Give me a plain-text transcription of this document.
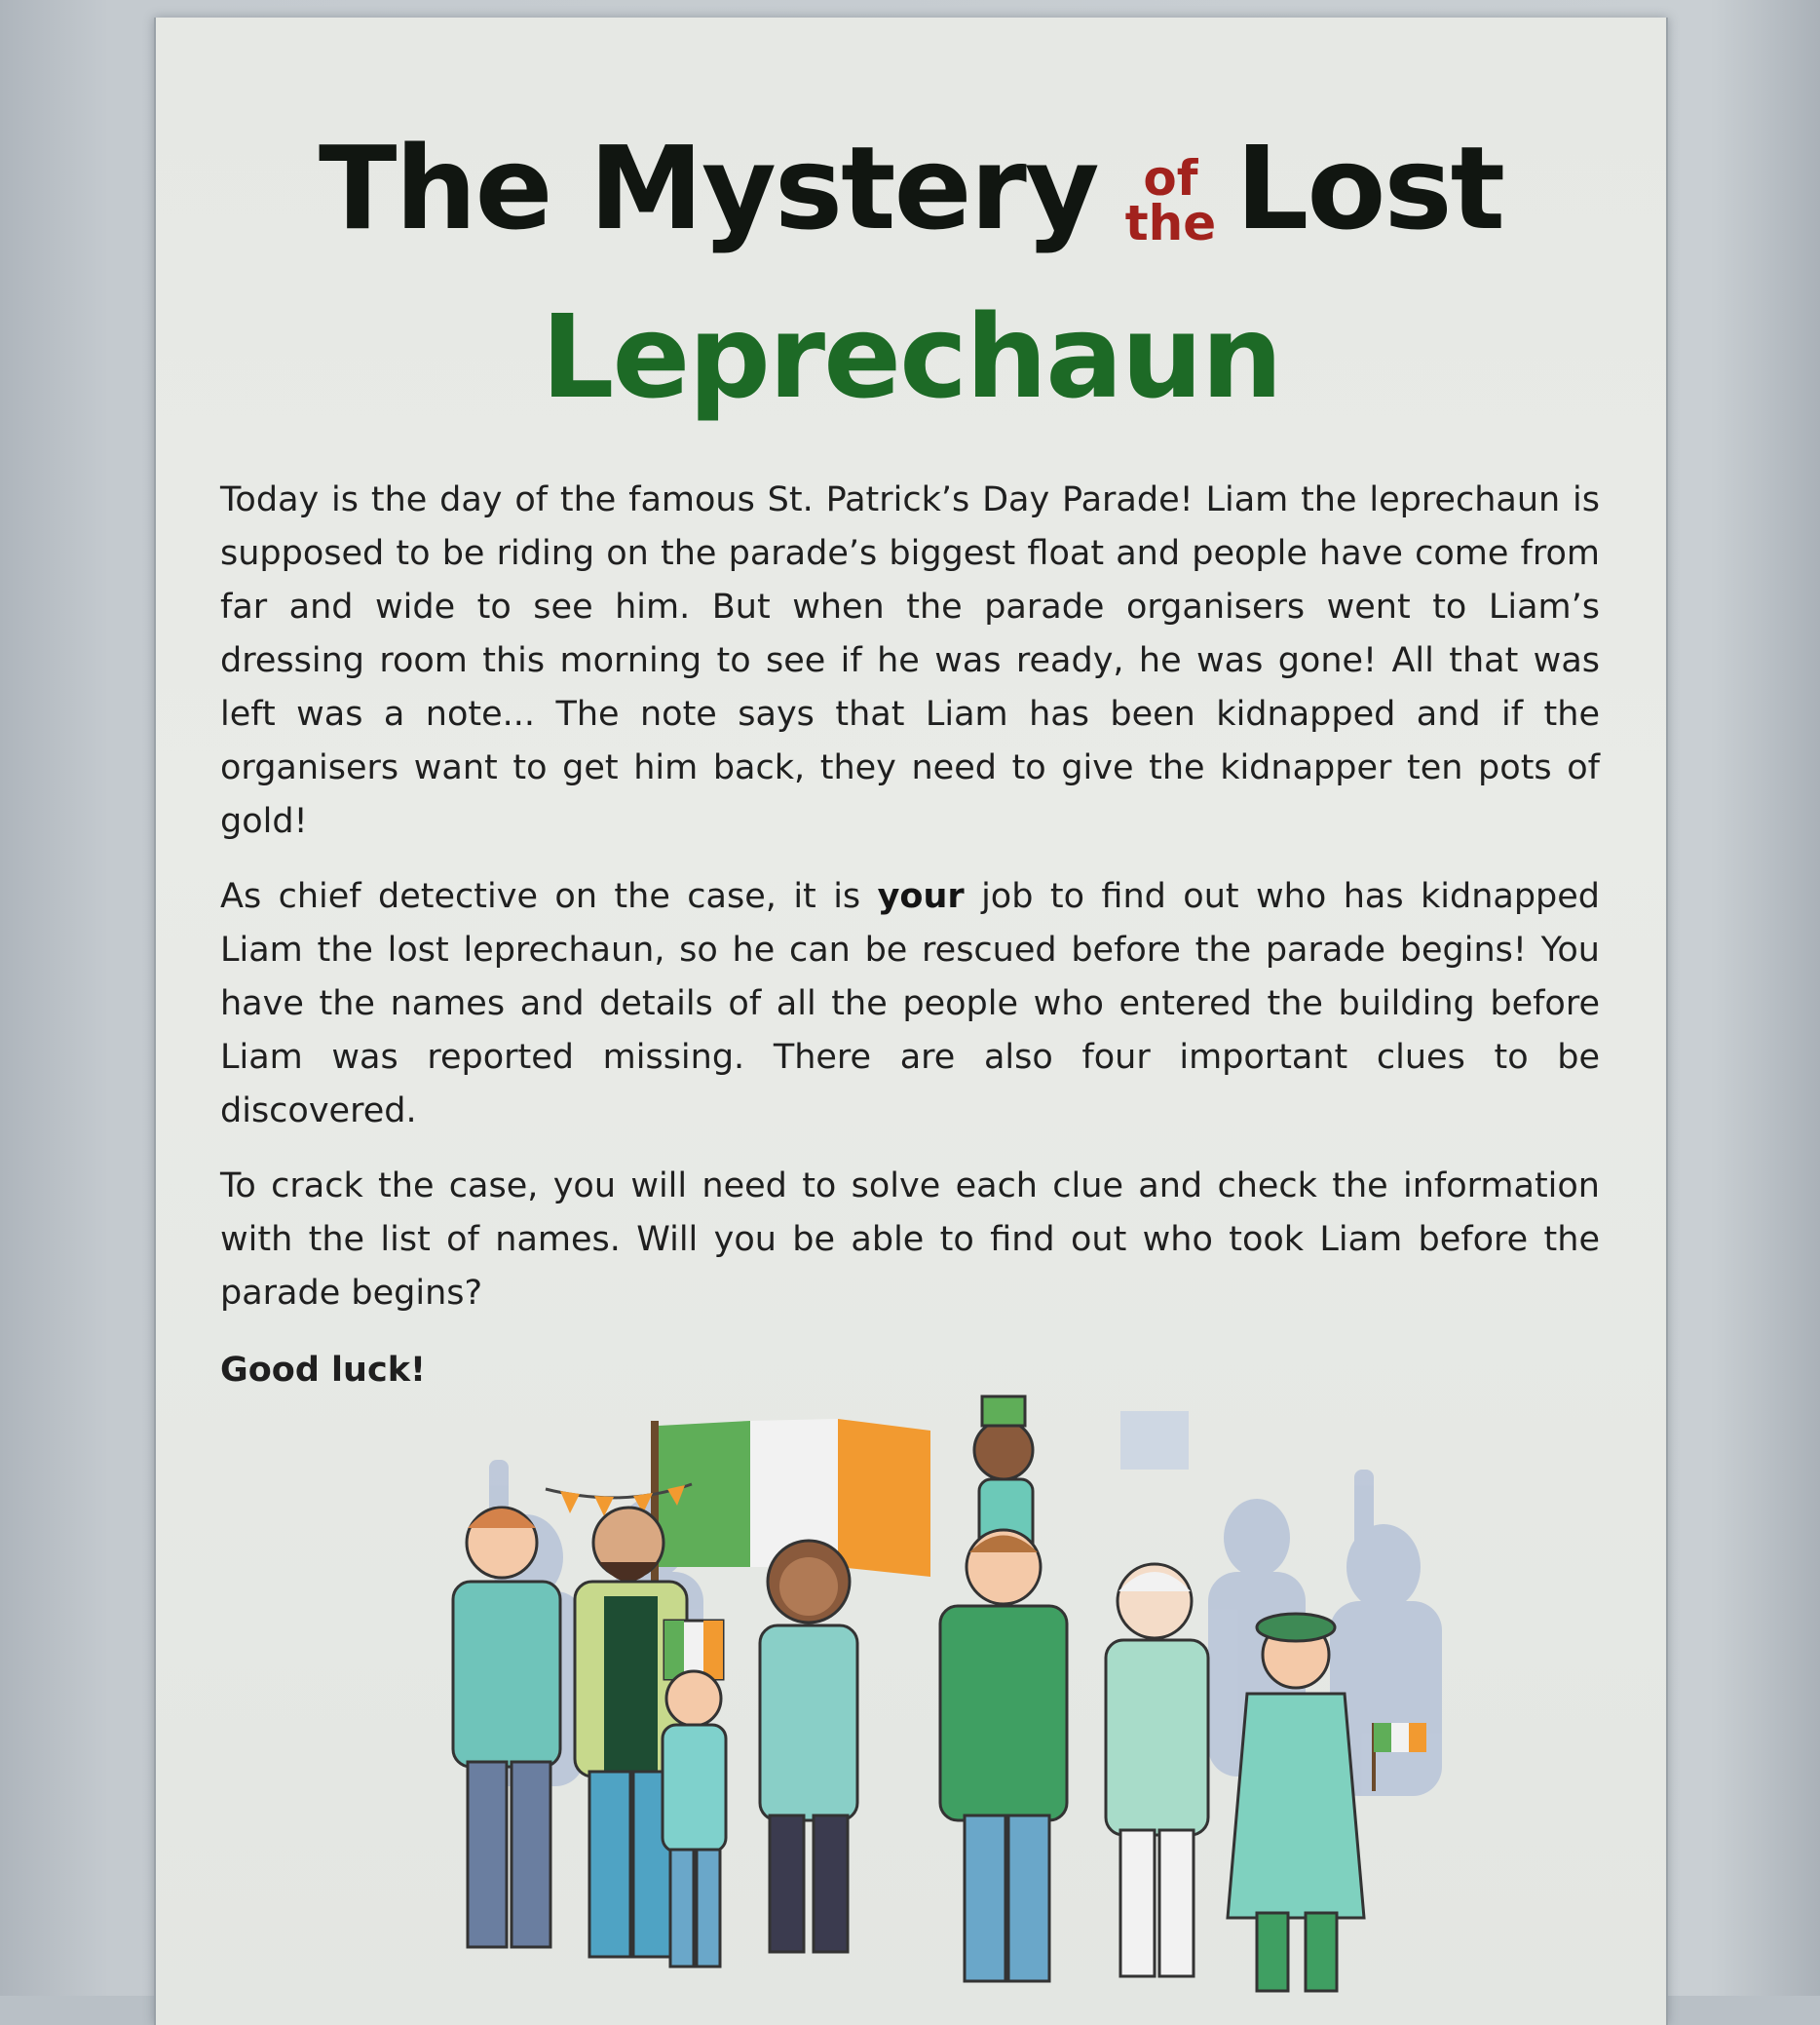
The Mystery of
the Lost
Leprechaun

Today is the day of the famous St. Patrick’s Day Parade! Liam the leprechaun is supposed to be riding on the parade’s biggest float and people have come from far and wide to see him. But when the parade organisers went to Liam’s dressing room this morning to see if he was ready, he was gone! All that was left was a note... The note says that Liam has been kidnapped and if the organisers want to get him back, they need to give the kidnapper ten pots of gold!

As chief detective on the case, it is your job to find out who has kidnapped Liam the lost leprechaun, so he can be rescued before the parade begins! You have the names and details of all the people who entered the building before Liam was reported missing. There are also four important clues to be discovered.

To crack the case, you will need to solve each clue and check the information with the list of names. Will you be able to find out who took Liam before the parade begins?

Good luck!
